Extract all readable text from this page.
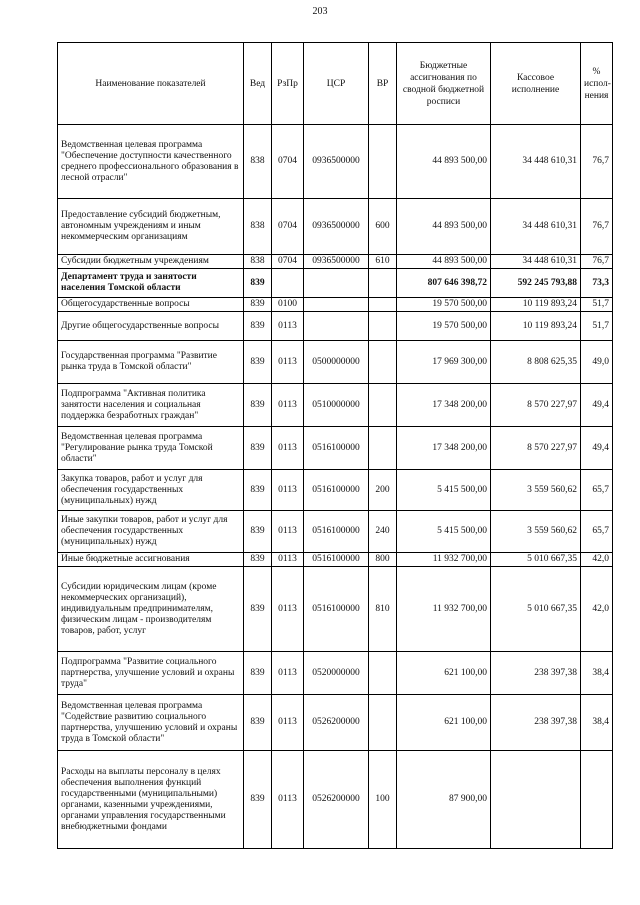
203
Наименование показателей	Вед	РзПр	ЦСР	ВР	Бюджетные ассигнования по сводной бюджетной росписи	Кассовое исполнение	% испол-нения
Ведомственная целевая программа "Обеспечение доступности качественного среднего профессионального образования в лесной отрасли"	838	0704	0936500000		44 893 500,00	34 448 610,31	76,7
Предоставление субсидий бюджетным, автономным учреждениям и иным некоммерческим организациям	838	0704	0936500000	600	44 893 500,00	34 448 610,31	76,7
Субсидии бюджетным учреждениям	838	0704	0936500000	610	44 893 500,00	34 448 610,31	76,7
Департамент труда и занятости населения Томской области	839				807 646 398,72	592 245 793,88	73,3
Общегосударственные вопросы	839	0100			19 570 500,00	10 119 893,24	51,7
Другие общегосударственные вопросы	839	0113			19 570 500,00	10 119 893,24	51,7
Государственная программа "Развитие рынка труда в Томской области"	839	0113	0500000000		17 969 300,00	8 808 625,35	49,0
Подпрограмма "Активная политика занятости населения и социальная поддержка безработных граждан"	839	0113	0510000000		17 348 200,00	8 570 227,97	49,4
Ведомственная целевая программа "Регулирование рынка труда Томской области"	839	0113	0516100000		17 348 200,00	8 570 227,97	49,4
Закупка товаров, работ и услуг для обеспечения государственных (муниципальных) нужд	839	0113	0516100000	200	5 415 500,00	3 559 560,62	65,7
Иные закупки товаров, работ и услуг для обеспечения государственных (муниципальных) нужд	839	0113	0516100000	240	5 415 500,00	3 559 560,62	65,7
Иные бюджетные ассигнования	839	0113	0516100000	800	11 932 700,00	5 010 667,35	42,0
Субсидии юридическим лицам (кроме некоммерческих организаций), индивидуальным предпринимателям, физическим лицам - производителям товаров, работ, услуг	839	0113	0516100000	810	11 932 700,00	5 010 667,35	42,0
Подпрограмма "Развитие социального партнерства, улучшение условий и охраны труда"	839	0113	0520000000		621 100,00	238 397,38	38,4
Ведомственная целевая программа "Содействие развитию социального партнерства, улучшению условий и охраны труда в Томской области"	839	0113	0526200000		621 100,00	238 397,38	38,4
Расходы на выплаты персоналу в целях обеспечения выполнения функций государственными (муниципальными) органами, казенными учреждениями, органами управления государственными внебюджетными фондами	839	0113	0526200000	100	87 900,00		
